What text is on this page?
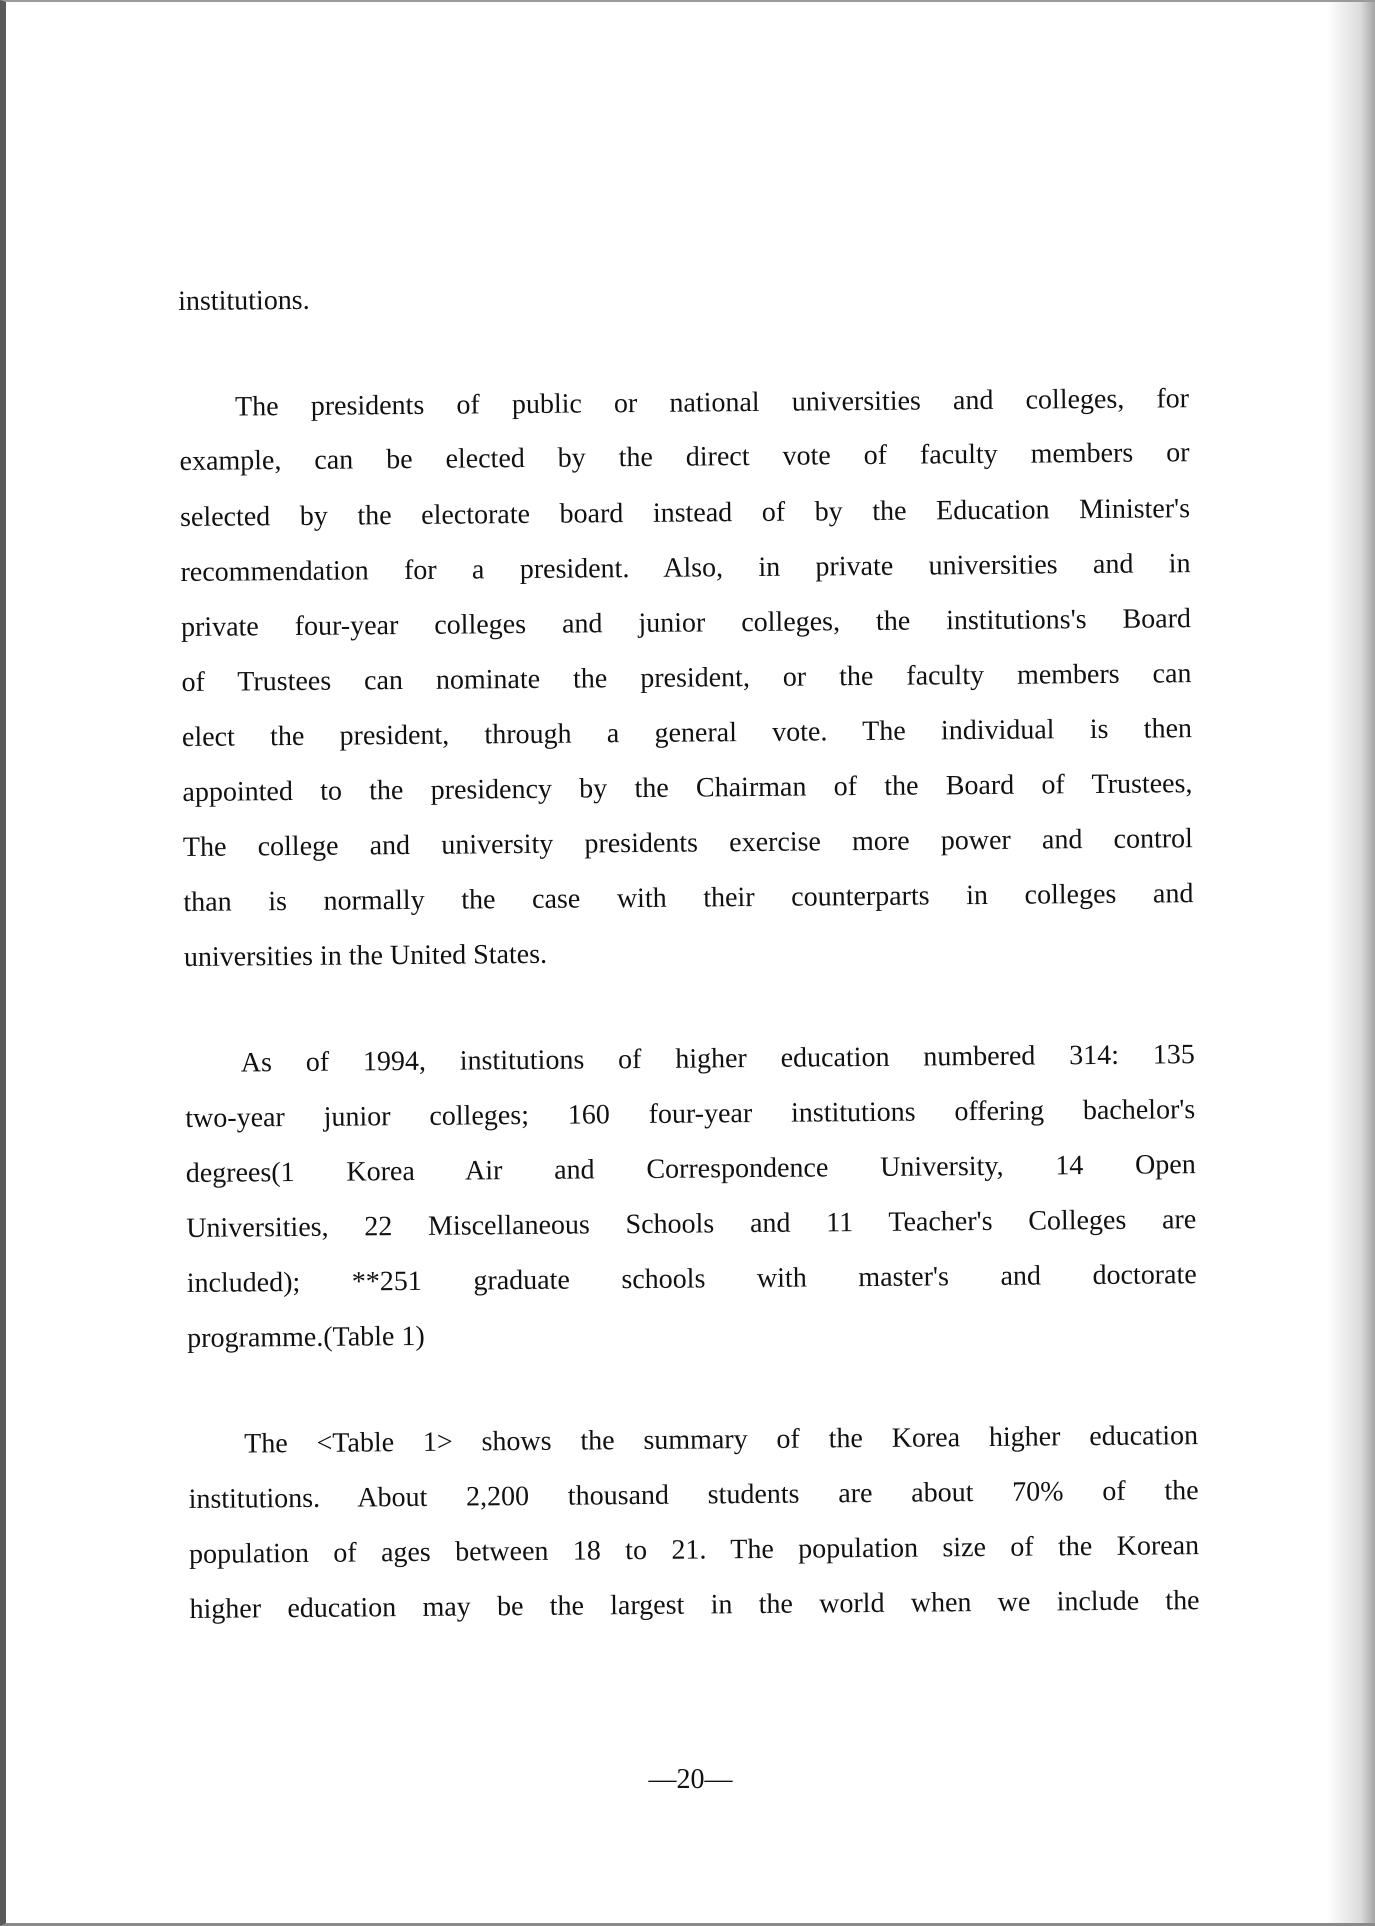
institutions.
The presidents of public or national universities and colleges, for
example, can be elected by the direct vote of faculty members or
selected by the electorate board instead of by the Education Minister's
recommendation for a president. Also, in private universities and in
private four-year colleges and junior colleges, the institutions's Board
of Trustees can nominate the president, or the faculty members can
elect the president, through a general vote. The individual is then
appointed to the presidency by the Chairman of the Board of Trustees,
The college and university presidents exercise more power and control
than is normally the case with their counterparts in colleges and
universities in the United States.
As of 1994, institutions of higher education numbered 314: 135
two-year junior colleges; 160 four-year institutions offering bachelor's
degrees(1 Korea Air and Correspondence University, 14 Open
Universities, 22 Miscellaneous Schools and 11 Teacher's Colleges are
included); **251 graduate schools with master's and doctorate
programme.(Table 1)
The <Table 1> shows the summary of the Korea higher education
institutions. About 2,200 thousand students are about 70% of the
population of ages between 18 to 21. The population size of the Korean
higher education may be the largest in the world when we include the
—20—
